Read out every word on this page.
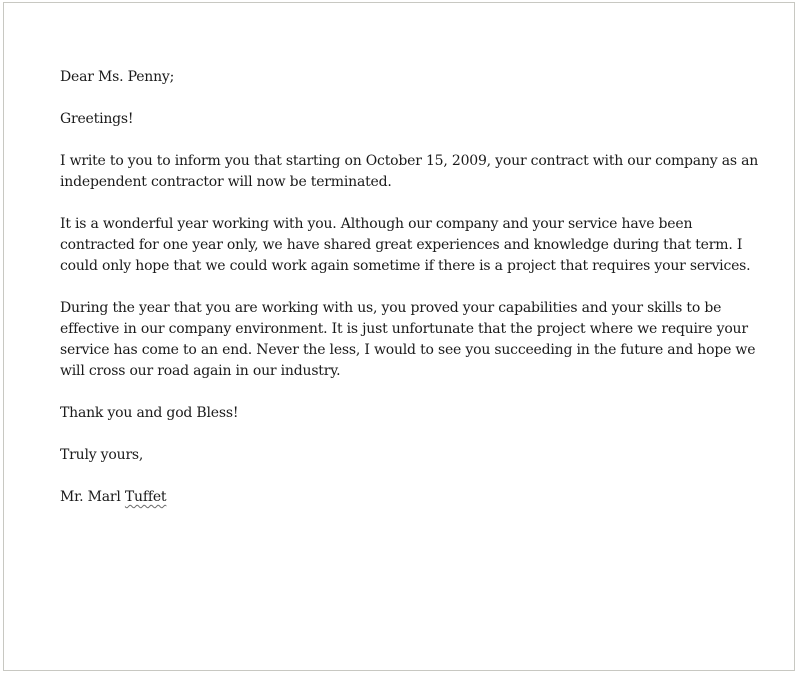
Dear Ms. Penny;

Greetings!

I write to you to inform you that starting on October 15, 2009, your contract with our company as an independent contractor will now be terminated.

It is a wonderful year working with you. Although our company and your service have been contracted for one year only, we have shared great experiences and knowledge during that term. I could only hope that we could work again sometime if there is a project that requires your services.

During the year that you are working with us, you proved your capabilities and your skills to be effective in our company environment. It is just unfortunate that the project where we require your service has come to an end. Never the less, I would to see you succeeding in the future and hope we will cross our road again in our industry.

Thank you and god Bless!

Truly yours,

Mr. Marl Tuffet
